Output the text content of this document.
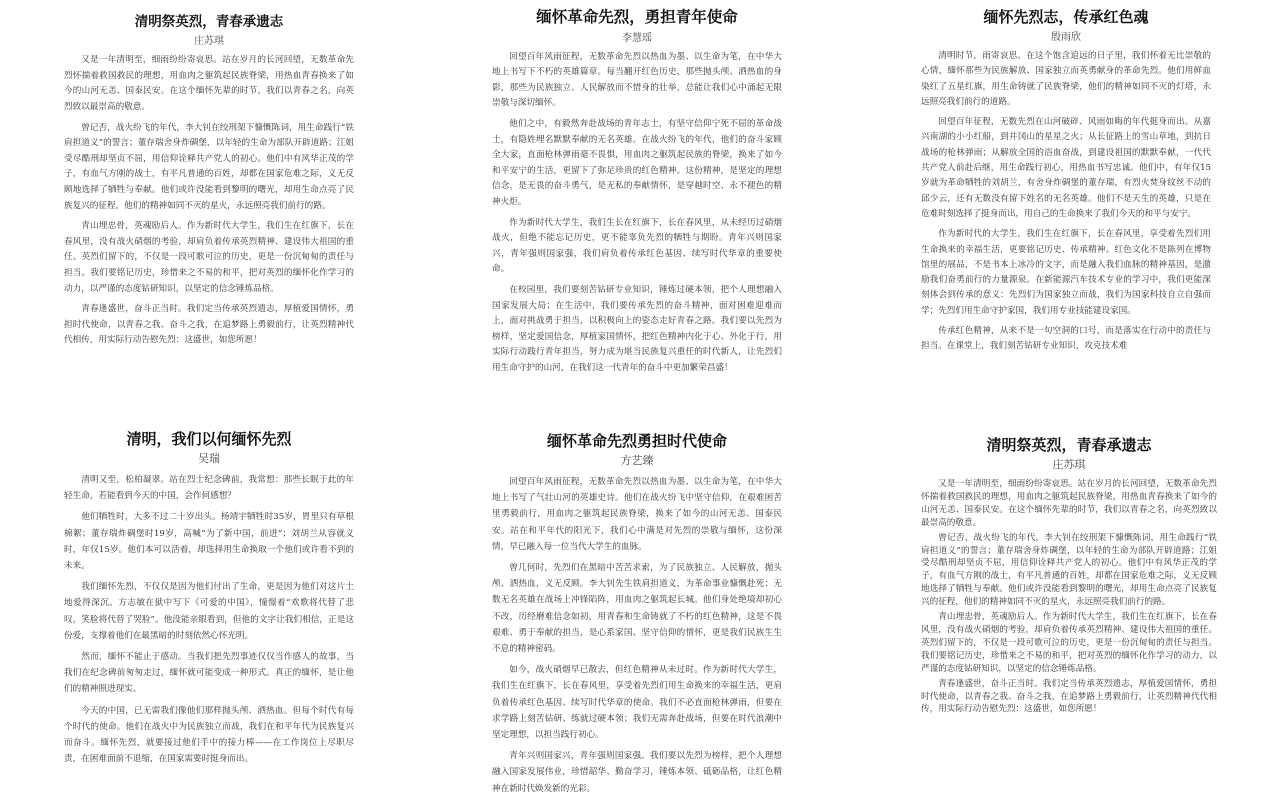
清明祭英烈，青春承遗志
庄苏琪

又是一年清明至，细雨纷纷寄哀思。站在岁月的长河回望，无数革命先烈怀揣着救国救民的理想，用血肉之躯筑起民族脊梁，用热血青春换来了如今的山河无恙、国泰民安。在这个缅怀先辈的时节，我们以青春之名，向英烈致以最崇高的敬意。

曾记否，战火纷飞的年代，李大钊在绞刑架下慷慨陈词，用生命践行“铁肩担道义”的誓言；董存瑞舍身炸碉堡，以年轻的生命为部队开辟道路；江姐受尽酷刑却坚贞不屈，用信仰诠释共产党人的初心。他们中有风华正茂的学子，有血气方刚的战士，有平凡普通的百姓，却都在国家危难之际，义无反顾地选择了牺牲与奉献。他们或许没能看到黎明的曙光，却用生命点亮了民族复兴的征程，他们的精神如同不灭的星火，永远照亮我们前行的路。

青山埋忠骨，英魂励后人。作为新时代大学生，我们生在红旗下，长在春风里，没有战火硝烟的考验，却肩负着传承英烈精神、建设伟大祖国的重任。英烈们留下的，不仅是一段可歌可泣的历史，更是一份沉甸甸的责任与担当。我们要铭记历史，珍惜来之不易的和平，把对英烈的缅怀化作学习的动力，以严谨的态度钻研知识，以坚定的信念锤炼品格。

青春逢盛世，奋斗正当时。我们定当传承英烈遗志，厚植爱国情怀，勇担时代使命，以青春之我、奋斗之我，在追梦路上勇毅前行，让英烈精神代代相传，用实际行动告慰先烈：这盛世，如您所愿！

缅怀革命先烈，勇担青年使命
李慧瑶

回望百年风雨征程，无数革命先烈以热血为墨、以生命为笔，在中华大地上书写下不朽的英雄篇章。每当翻开红色历史，那些抛头颅、洒热血的身影，那些为民族独立、人民解放而不惜身的壮举，总能让我们心中涌起无限崇敬与深切缅怀。

他们之中，有毅然奔赴战场的青年志士，有坚守信仰宁死不屈的革命战士，有隐姓埋名默默奉献的无名英雄。在战火纷飞的年代，他们的奋斗家顾全大家，直面枪林弹雨毫不畏惧，用血肉之躯筑起民族的脊梁，换来了如今和平安宁的生活，更留下了弥足珍贵的红色精神。这份精神，是坚定的理想信念，是无畏的奋斗勇气，是无私的奉献情怀，是穿越时空、永不褪色的精神火炬。

作为新时代大学生，我们生长在红旗下，长在春风里，从未经历过硝烟战火，但绝不能忘记历史，更不能辜负先烈的牺牲与期盼。青年兴则国家兴，青年强则国家强，我们肩负着传承红色基因、续写时代华章的重要使命。

在校园里，我们要刻苦钻研专业知识，锤炼过硬本领，把个人理想融入国家发展大局；在生活中，我们要传承先烈的奋斗精神，面对困难迎难而上，面对挑战勇于担当，以积极向上的姿态走好青春之路。我们要以先烈为榜样，坚定爱国信念，厚植家国情怀，把红色精神内化于心、外化于行，用实际行动践行青年担当，努力成为堪当民族复兴重任的时代新人，让先烈们用生命守护的山河，在我们这一代青年的奋斗中更加繁荣昌盛！

缅怀先烈志，传承红色魂
殷雨欣

清明时节，雨寄哀思。在这个饱含追远的日子里，我们怀着无比崇敬的心情，缅怀那些为民族解放、国家独立而英勇献身的革命先烈。他们用鲜血染红了五星红旗，用生命铸就了民族脊梁，他们的精神如同不灭的灯塔，永远照亮我们前行的道路。

回望百年征程，无数先烈在山河破碎、风雨如晦的年代挺身而出。从嘉兴南湖的小小红船，到井冈山的星星之火；从长征路上的雪山草地，到抗日战场的枪林弹雨；从解放全国的浴血奋战，到建设祖国的默默奉献，一代代共产党人前赴后继，用生命践行初心，用热血书写忠诚。他们中，有年仅15岁就为革命牺牲的刘胡兰，有舍身炸碉堡的董存瑞，有烈火焚身纹丝不动的邱少云，还有无数没有留下姓名的无名英雄。他们不是天生的英雄，只是在危难时刻选择了挺身而出，用自己的生命换来了我们今天的和平与安宁。

作为新时代的大学生，我们生在红旗下，长在春风里，享受着先烈们用生命换来的幸福生活，更要铭记历史、传承精神。红色文化不是陈列在博物馆里的展品，不是书本上冰冷的文字，而是融入我们血脉的精神基因，是激励我们奋勇前行的力量源泉。在新能源汽车技术专业的学习中，我们更能深刻体会到传承的意义：先烈们为国家独立而战，我们为国家科技自立自强而学；先烈们用生命守护家国，我们用专业技能建设家国。

传承红色精神，从来不是一句空洞的口号，而是落实在行动中的责任与担当。在课堂上，我们刻苦钻研专业知识，攻克技术难

清明，我们以何缅怀先烈
吴瑞

清明又至，松柏凝翠。站在烈士纪念碑前，我常想：那些长眠于此的年轻生命，若能看到今天的中国，会作何感想？

他们牺牲时，大多不过二十岁出头。杨靖宇牺牲时35岁，胃里只有草根棉絮；董存瑞炸碉堡时19岁，高喊“为了新中国，前进”；刘胡兰从容就义时，年仅15岁。他们本可以活着，却选择用生命换取一个他们或许看不到的未来。

我们缅怀先烈，不仅仅是因为他们付出了生命，更是因为他们对这片土地爱得深沉。方志敏在狱中写下《可爱的中国》，憧憬着“欢歌将代替了悲叹，笑脸将代替了哭脸”。他没能亲眼看到，但他的文字让我们相信，正是这份爱，支撑着他们在最黑暗的时刻依然心怀光明。

然而，缅怀不能止于感动。当我们把先烈事迹仅仅当作感人的故事，当我们在纪念碑前匆匆走过，缅怀就可能变成一种形式。真正的缅怀，是让他们的精神照进现实。

今天的中国，已无需我们像他们那样抛头颅、洒热血。但每个时代有每个时代的使命。他们在战火中为民族独立而战，我们在和平年代为民族复兴而奋斗。缅怀先烈，就要接过他们手中的接力棒——在工作岗位上尽职尽责，在困难面前不退缩，在国家需要时挺身而出。

缅怀革命先烈勇担时代使命
方艺臻

回望百年风雨征程，无数革命先烈以热血为墨、以生命为笔，在中华大地上书写了气壮山河的英雄史诗。他们在战火纷飞中坚守信仰，在艰难困苦里勇毅前行，用血肉之躯筑起民族脊梁，换来了如今的山河无恙、国泰民安。站在和平年代的阳光下，我们心中满是对先烈的崇敬与缅怀，这份深情，早已融入每一位当代大学生的血脉。

曾几何时，先烈们在黑暗中苦苦求索，为了民族独立、人民解放，抛头颅、洒热血，义无反顾。李大钊先生铁肩担道义，为革命事业慷慨赴死；无数无名英雄在战场上冲锋陷阵，用血肉之躯筑起长城。他们身处绝境却初心不改，历经磨难信念如初，用青春和生命铸就了不朽的红色精神，这是不畏艰难、勇于奉献的担当，是心系家国、坚守信仰的情怀，更是我们民族生生不息的精神密码。

如今，战火硝烟早已散去，但红色精神从未过时。作为新时代大学生，我们生在红旗下，长在春风里，享受着先烈们用生命换来的幸福生活，更肩负着传承红色基因、续写时代华章的使命。我们不必直面枪林弹雨，但要在求学路上刻苦钻研、练就过硬本领；我们无需奔赴战场，但要在时代浪潮中坚定理想，以担当践行初心。

青年兴则国家兴，青年强则国家强。我们要以先烈为榜样，把个人理想融入国家发展伟业，珍惜韶华、勤奋学习，锤炼本领、砥砺品格，让红色精神在新时代焕发新的光彩。

清明祭英烈，青春承遗志
庄苏琪

又是一年清明至，细雨纷纷寄哀思。站在岁月的长河回望，无数革命先烈怀揣着救国救民的理想，用血肉之躯筑起民族脊梁，用热血青春换来了如今的山河无恙、国泰民安。在这个缅怀先辈的时节，我们以青春之名，向英烈致以最崇高的敬意。

曾记否，战火纷飞的年代，李大钊在绞刑架下慷慨陈词，用生命践行“铁肩担道义”的誓言；董存瑞舍身炸碉堡，以年轻的生命为部队开辟道路；江姐受尽酷刑却坚贞不屈，用信仰诠释共产党人的初心。他们中有风华正茂的学子，有血气方刚的战士，有平凡普通的百姓，却都在国家危难之际，义无反顾地选择了牺牲与奉献。他们或许没能看到黎明的曙光，却用生命点亮了民族复兴的征程，他们的精神如同不灭的星火，永远照亮我们前行的路。

青山埋忠骨，英魂励后人。作为新时代大学生，我们生在红旗下，长在春风里，没有战火硝烟的考验，却肩负着传承英烈精神、建设伟大祖国的重任。英烈们留下的，不仅是一段可歌可泣的历史，更是一份沉甸甸的责任与担当。我们要铭记历史，珍惜来之不易的和平，把对英烈的缅怀化作学习的动力，以严谨的态度钻研知识，以坚定的信念锤炼品格。

青春逢盛世，奋斗正当时。我们定当传承英烈遗志，厚植爱国情怀，勇担时代使命，以青春之我、奋斗之我，在追梦路上勇毅前行，让英烈精神代代相传，用实际行动告慰先烈：这盛世，如您所愿！
